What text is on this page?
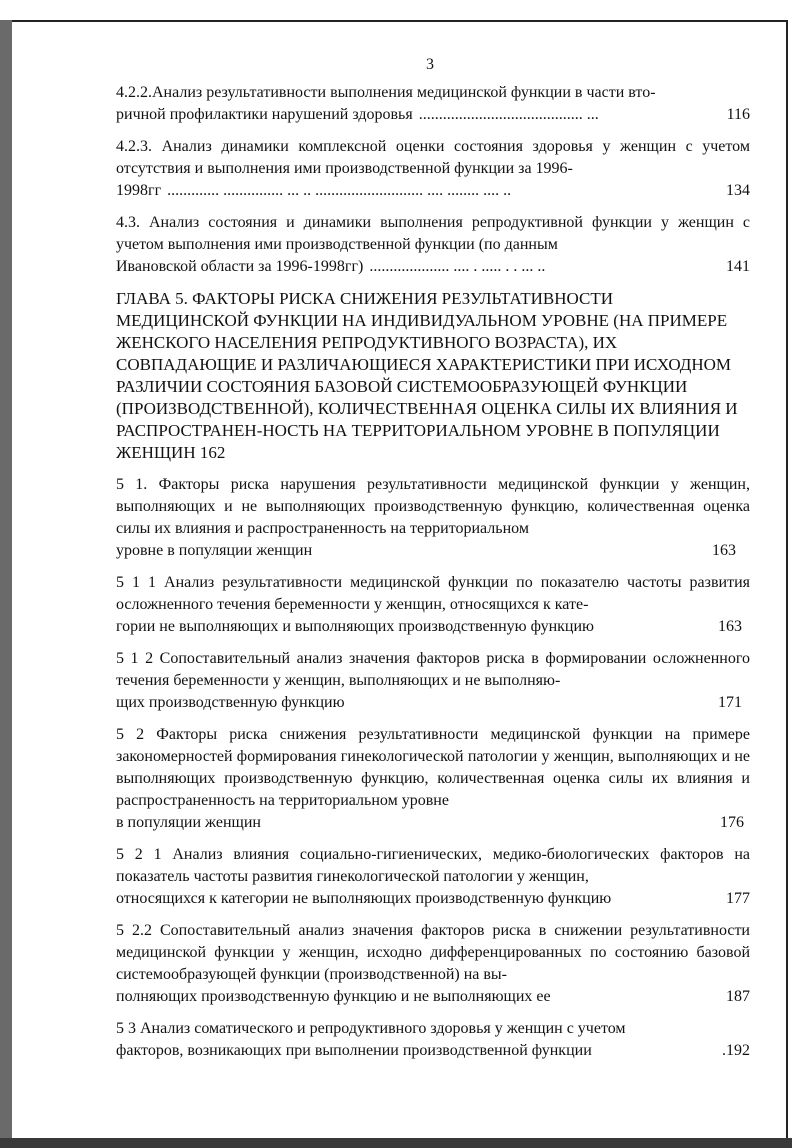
3

4.2.2.Анализ результативности выполнения медицинской функции в части вто-

ричной профилактики нарушений здоровья ......................................... ...	116

4.2.3. Анализ динамики комплексной оценки состояния здоровья у женщин с учетом отсутствия и выполнения ими производственной функции за 1996-

1998гг ............. ............... ... .. ........................... .... ........ .... ..	134

4.3. Анализ состояния и динамики выполнения репродуктивной функции у женщин с учетом выполнения ими производственной функции (по данным

Ивановской области за 1996-1998гг) .................... .... . ..... . . ... ..	141

ГЛАВА 5. ФАКТОРЫ РИСКА СНИЖЕНИЯ РЕЗУЛЬТАТИВНОСТИ МЕДИЦИНСКОЙ ФУНКЦИИ НА ИНДИВИДУАЛЬНОМ УРОВНЕ (НА ПРИМЕРЕ ЖЕНСКОГО НАСЕЛЕНИЯ РЕПРОДУКТИВНОГО ВОЗРАСТА), ИХ СОВПАДАЮЩИЕ И РАЗЛИЧАЮЩИЕСЯ ХАРАКТЕРИСТИКИ ПРИ ИСХОДНОМ РАЗЛИЧИИ СОСТОЯНИЯ БАЗОВОЙ СИСТЕМООБРАЗУЮЩЕЙ ФУНКЦИИ (ПРОИЗВОДСТВЕННОЙ), КОЛИЧЕСТВЕННАЯ ОЦЕНКА СИЛЫ ИХ ВЛИЯНИЯ И РАСПРОСТРАНЕН-НОСТЬ НА ТЕРРИТОРИАЛЬНОМ УРОВНЕ В ПОПУЛЯЦИИ ЖЕНЩИН 162

5 1. Факторы риска нарушения результативности медицинской функции у женщин, выполняющих и не выполняющих производственную функцию, количественная оценка силы их влияния и распространенность на территориальном

уровне в популяции женщин	163

5 1 1 Анализ результативности медицинской функции по показателю частоты развития осложненного течения беременности у женщин, относящихся к кате-

гории не выполняющих и выполняющих производственную функцию	163

5 1 2 Сопоставительный анализ значения факторов риска в формировании осложненного течения беременности у женщин, выполняющих и не выполняю-

щих производственную функцию	171

5 2 Факторы риска снижения результативности медицинской функции на примере закономерностей формирования гинекологической патологии у женщин, выполняющих и не выполняющих производственную функцию, количественная оценка силы их влияния и распространенность на территориальном уровне

в популяции женщин	176

5 2 1 Анализ влияния социально-гигиенических, медико-биологических факторов на показатель частоты развития гинекологической патологии у женщин,

относящихся к категории не выполняющих производственную функцию	177

5 2.2 Сопоставительный анализ значения факторов риска в снижении результативности медицинской функции у женщин, исходно дифференцированных по состоянию базовой системообразующей функции (производственной) на вы-

полняющих производственную функцию и не выполняющих ее	187

5 3 Анализ соматического и репродуктивного здоровья у женщин с учетом

факторов, возникающих при выполнении производственной функции	.192
